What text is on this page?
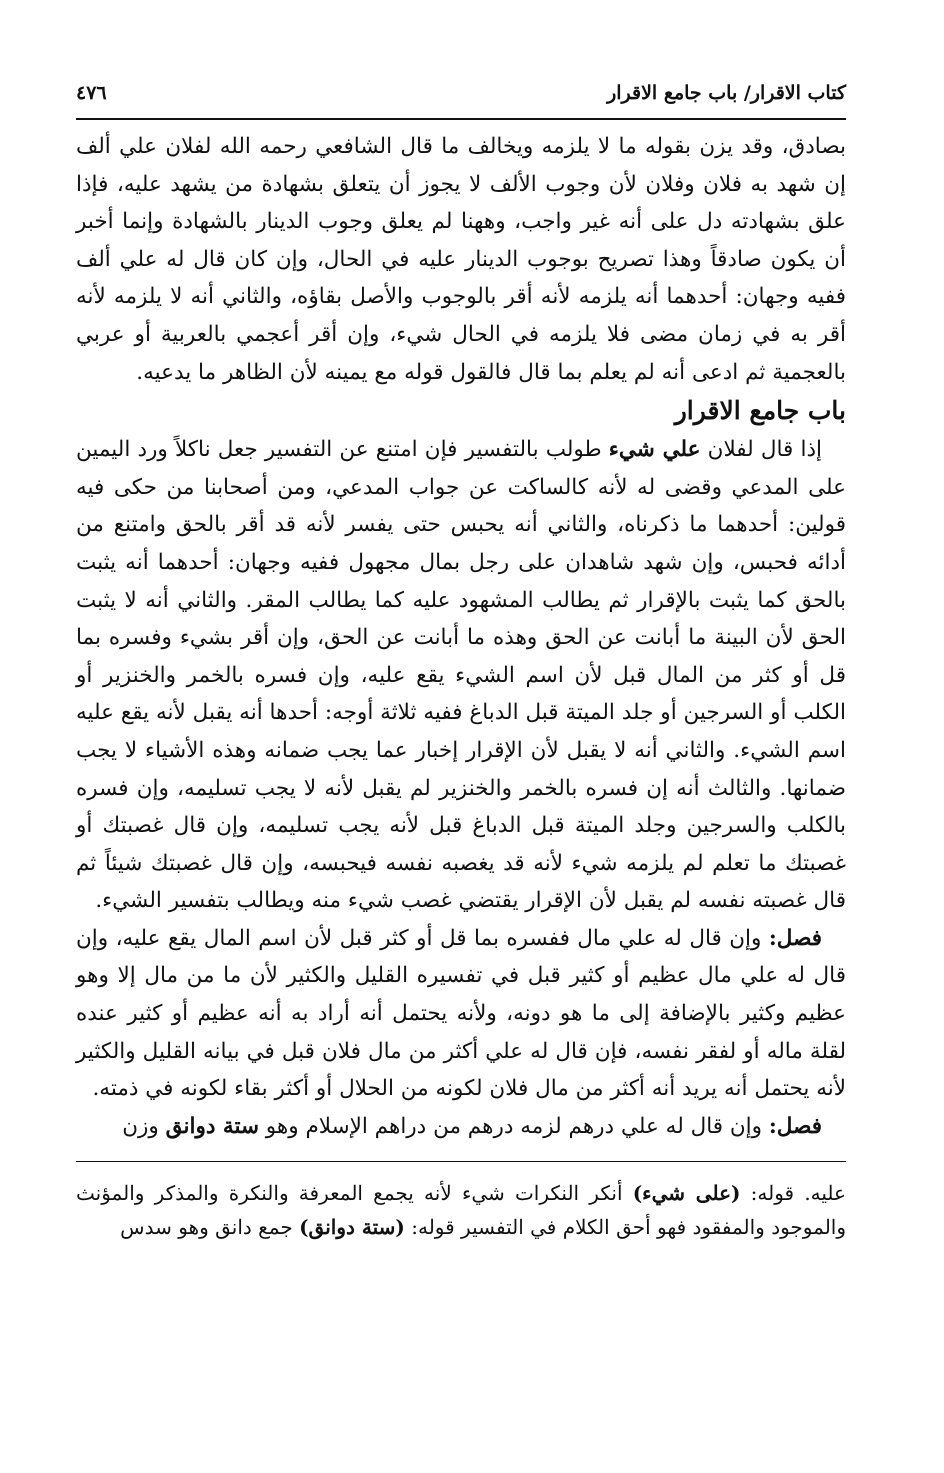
كتاب الاقرار/ باب جامع الاقرار
٤٧٦

بصادق، وقد يزن بقوله ما لا يلزمه ويخالف ما قال الشافعي رحمه الله لفلان علي ألف إن شهد به فلان وفلان لأن وجوب الألف لا يجوز أن يتعلق بشهادة من يشهد عليه، فإذا علق بشهادته دل على أنه غير واجب، وههنا لم يعلق وجوب الدينار بالشهادة وإنما أخبر أن يكون صادقاً وهذا تصريح بوجوب الدينار عليه في الحال، وإن كان قال له علي ألف ففيه وجهان: أحدهما أنه يلزمه لأنه أقر بالوجوب والأصل بقاؤه، والثاني أنه لا يلزمه لأنه أقر به في زمان مضى فلا يلزمه في الحال شيء، وإن أقر أعجمي بالعربية أو عربي بالعجمية ثم ادعى أنه لم يعلم بما قال فالقول قوله مع يمينه لأن الظاهر ما يدعيه.

باب جامع الاقرار

إذا قال لفلان علي شيء طولب بالتفسير فإن امتنع عن التفسير جعل ناكلاً ورد اليمين على المدعي وقضى له لأنه كالساكت عن جواب المدعي، ومن أصحابنا من حكى فيه قولين: أحدهما ما ذكرناه، والثاني أنه يحبس حتى يفسر لأنه قد أقر بالحق وامتنع من أدائه فحبس، وإن شهد شاهدان على رجل بمال مجهول ففيه وجهان: أحدهما أنه يثبت بالحق كما يثبت بالإقرار ثم يطالب المشهود عليه كما يطالب المقر. والثاني أنه لا يثبت الحق لأن البينة ما أبانت عن الحق وهذه ما أبانت عن الحق، وإن أقر بشيء وفسره بما قل أو كثر من المال قبل لأن اسم الشيء يقع عليه، وإن فسره بالخمر والخنزير أو الكلب أو السرجين أو جلد الميتة قبل الدباغ ففيه ثلاثة أوجه: أحدها أنه يقبل لأنه يقع عليه اسم الشيء. والثاني أنه لا يقبل لأن الإقرار إخبار عما يجب ضمانه وهذه الأشياء لا يجب ضمانها. والثالث أنه إن فسره بالخمر والخنزير لم يقبل لأنه لا يجب تسليمه، وإن فسره بالكلب والسرجين وجلد الميتة قبل الدباغ قبل لأنه يجب تسليمه، وإن قال غصبتك أو غصبتك ما تعلم لم يلزمه شيء لأنه قد يغصبه نفسه فيحبسه، وإن قال غصبتك شيئاً ثم قال غصبته نفسه لم يقبل لأن الإقرار يقتضي غصب شيء منه ويطالب بتفسير الشيء.

فصل: وإن قال له علي مال ففسره بما قل أو كثر قبل لأن اسم المال يقع عليه، وإن قال له علي مال عظيم أو كثير قبل في تفسيره القليل والكثير لأن ما من مال إلا وهو عظيم وكثير بالإضافة إلى ما هو دونه، ولأنه يحتمل أنه أراد به أنه عظيم أو كثير عنده لقلة ماله أو لفقر نفسه، فإن قال له علي أكثر من مال فلان قبل في بيانه القليل والكثير لأنه يحتمل أنه يريد أنه أكثر من مال فلان لكونه من الحلال أو أكثر بقاء لكونه في ذمته.

فصل: وإن قال له علي درهم لزمه درهم من دراهم الإسلام وهو ستة دوانق وزن

عليه. قوله: (على شيء) أنكر النكرات شيء لأنه يجمع المعرفة والنكرة والمذكر والمؤنث والموجود والمفقود فهو أحق الكلام في التفسير قوله: (ستة دوانق) جمع دانق وهو سدس
